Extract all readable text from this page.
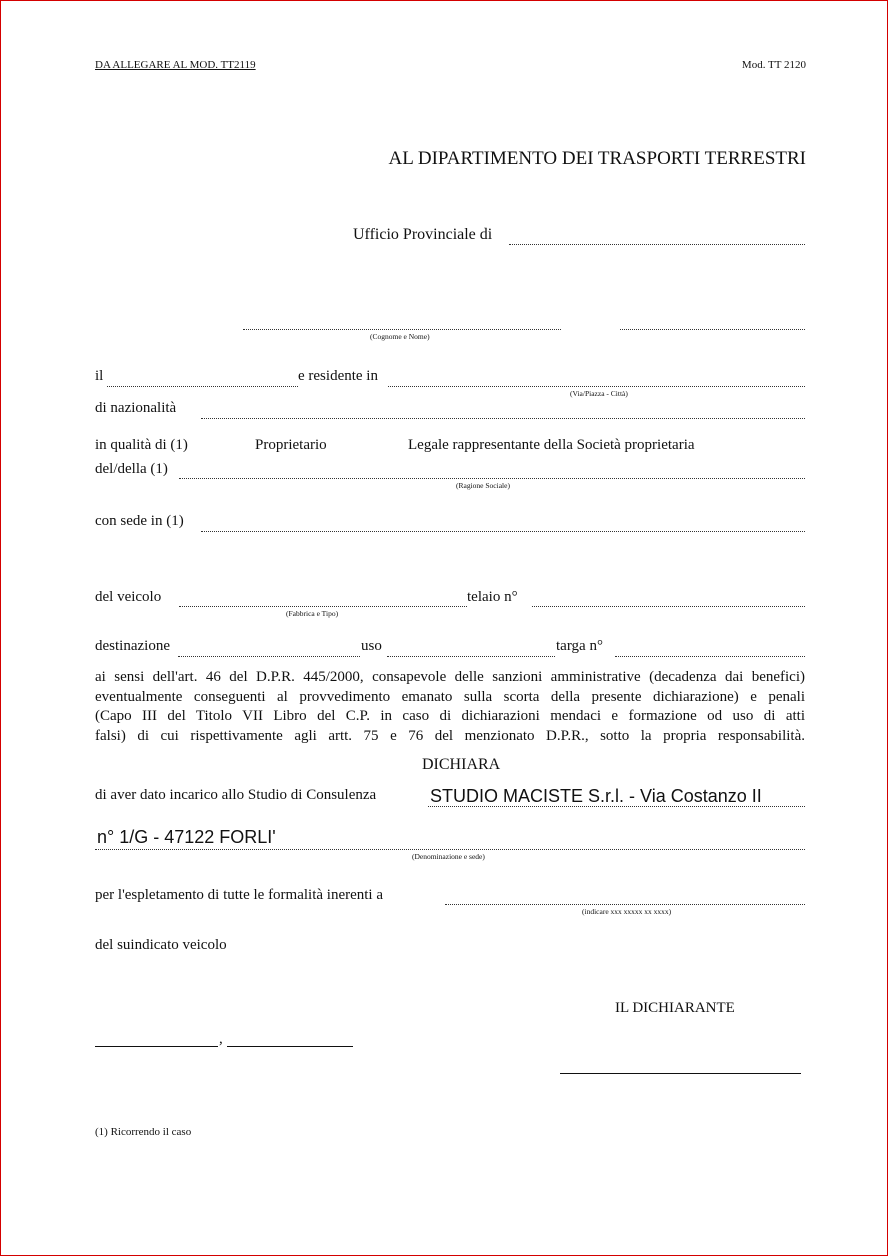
DA ALLEGARE AL MOD. TT2119	Mod. TT 2120
AL DIPARTIMENTO DEI TRASPORTI TERRESTRI
Ufficio Provinciale di
(Cognome e Nome)
il	e residente in
(Via/Piazza - Città)
di nazionalità
in qualità di (1)	Proprietario	Legale rappresentante della Società proprietaria
del/della (1)
(Ragione Sociale)
con sede in (1)
del veicolo
(Fabbrica e Tipo)
telaio n°
destinazione	uso	targa n°
ai sensi dell'art. 46 del D.P.R. 445/2000, consapevole delle sanzioni amministrative (decadenza dai benefici)
eventualmente conseguenti al provvedimento emanato sulla scorta della presente dichiarazione) e penali
(Capo III del Titolo VII Libro del C.P. in caso di dichiarazioni mendaci e formazione od uso di atti
falsi) di cui rispettivamente agli artt. 75 e 76 del menzionato D.P.R., sotto la propria responsabilità.
DICHIARA
di aver dato incarico allo Studio di Consulenza	STUDIO MACISTE S.r.l. - Via Costanzo II
n° 1/G - 47122 FORLI'
(Denominazione e sede)
per l'espletamento di tutte le formalità inerenti a
(indicare xxx xxxxx xx xxxx)
del suindicato veicolo
IL DICHIARANTE
,
(1) Ricorrendo il caso
